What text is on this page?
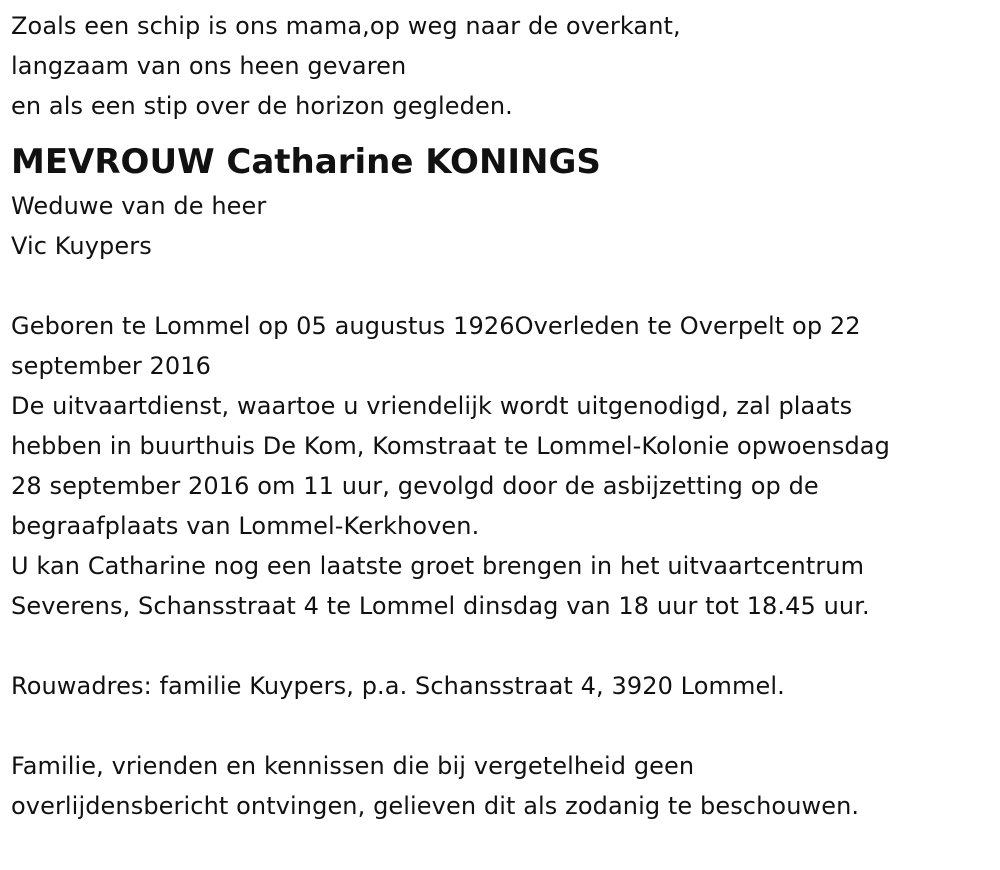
Zoals een schip is ons mama,op weg naar de overkant,
langzaam van ons heen gevaren
en als een stip over de horizon gegleden.
MEVROUW Catharine KONINGS
Weduwe van de heer
Vic Kuypers
Geboren te Lommel op 05 augustus 1926Overleden te Overpelt op 22
september 2016
De uitvaartdienst, waartoe u vriendelijk wordt uitgenodigd, zal plaats
hebben in buurthuis De Kom, Komstraat te Lommel-Kolonie opwoensdag
28 september 2016 om 11 uur, gevolgd door de asbijzetting op de
begraafplaats van Lommel-Kerkhoven.
U kan Catharine nog een laatste groet brengen in het uitvaartcentrum
Severens, Schansstraat 4 te Lommel dinsdag van 18 uur tot 18.45 uur.
Rouwadres: familie Kuypers, p.a. Schansstraat 4, 3920 Lommel.
Familie, vrienden en kennissen die bij vergetelheid geen
overlijdensbericht ontvingen, gelieven dit als zodanig te beschouwen.
